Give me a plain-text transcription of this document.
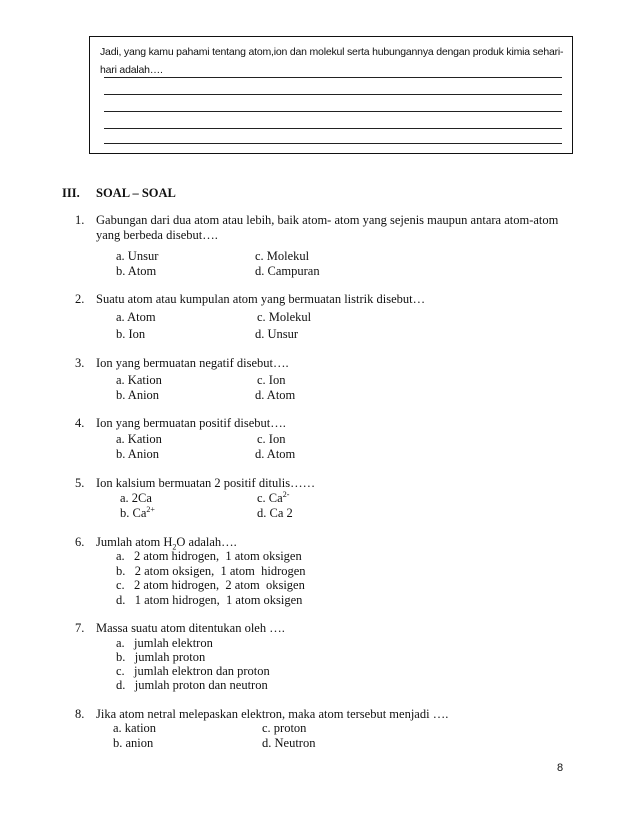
Jadi, yang kamu pahami tentang atom,ion dan molekul serta hubungannya dengan produk kimia sehari-hari adalah….
III. SOAL – SOAL
1. Gabungan dari dua atom atau lebih, baik atom- atom yang sejenis maupun antara atom-atom yang berbeda disebut….
a. Unsur	c. Molekul
b. Atom	d. Campuran
2. Suatu atom atau kumpulan atom yang bermuatan listrik disebut…
a. Atom	c. Molekul
b. Ion	d. Unsur
3. Ion yang bermuatan negatif disebut….
a. Kation	c. Ion
b. Anion	d. Atom
4. Ion yang bermuatan positif disebut….
a. Kation	c. Ion
b. Anion	d. Atom
5. Ion kalsium bermuatan 2 positif ditulis……
a. 2Ca	c. $Ca^{2-}$
b. $Ca^{2+}$	d. Ca 2
6. Jumlah atom $H_2O$ adalah….
a.   2 atom hidrogen,  1 atom oksigen
b.   2 atom oksigen,  1 atom  hidrogen
c.   2 atom hidrogen,  2 atom  oksigen
d.   1 atom hidrogen,  1 atom oksigen
7. Massa suatu atom ditentukan oleh ….
a.   jumlah elektron
b.   jumlah proton
c.   jumlah elektron dan proton
d.   jumlah proton dan neutron
8. Jika atom netral melepaskan elektron, maka atom tersebut menjadi ….
a. kation	c. proton
b. anion	d. Neutron
8
